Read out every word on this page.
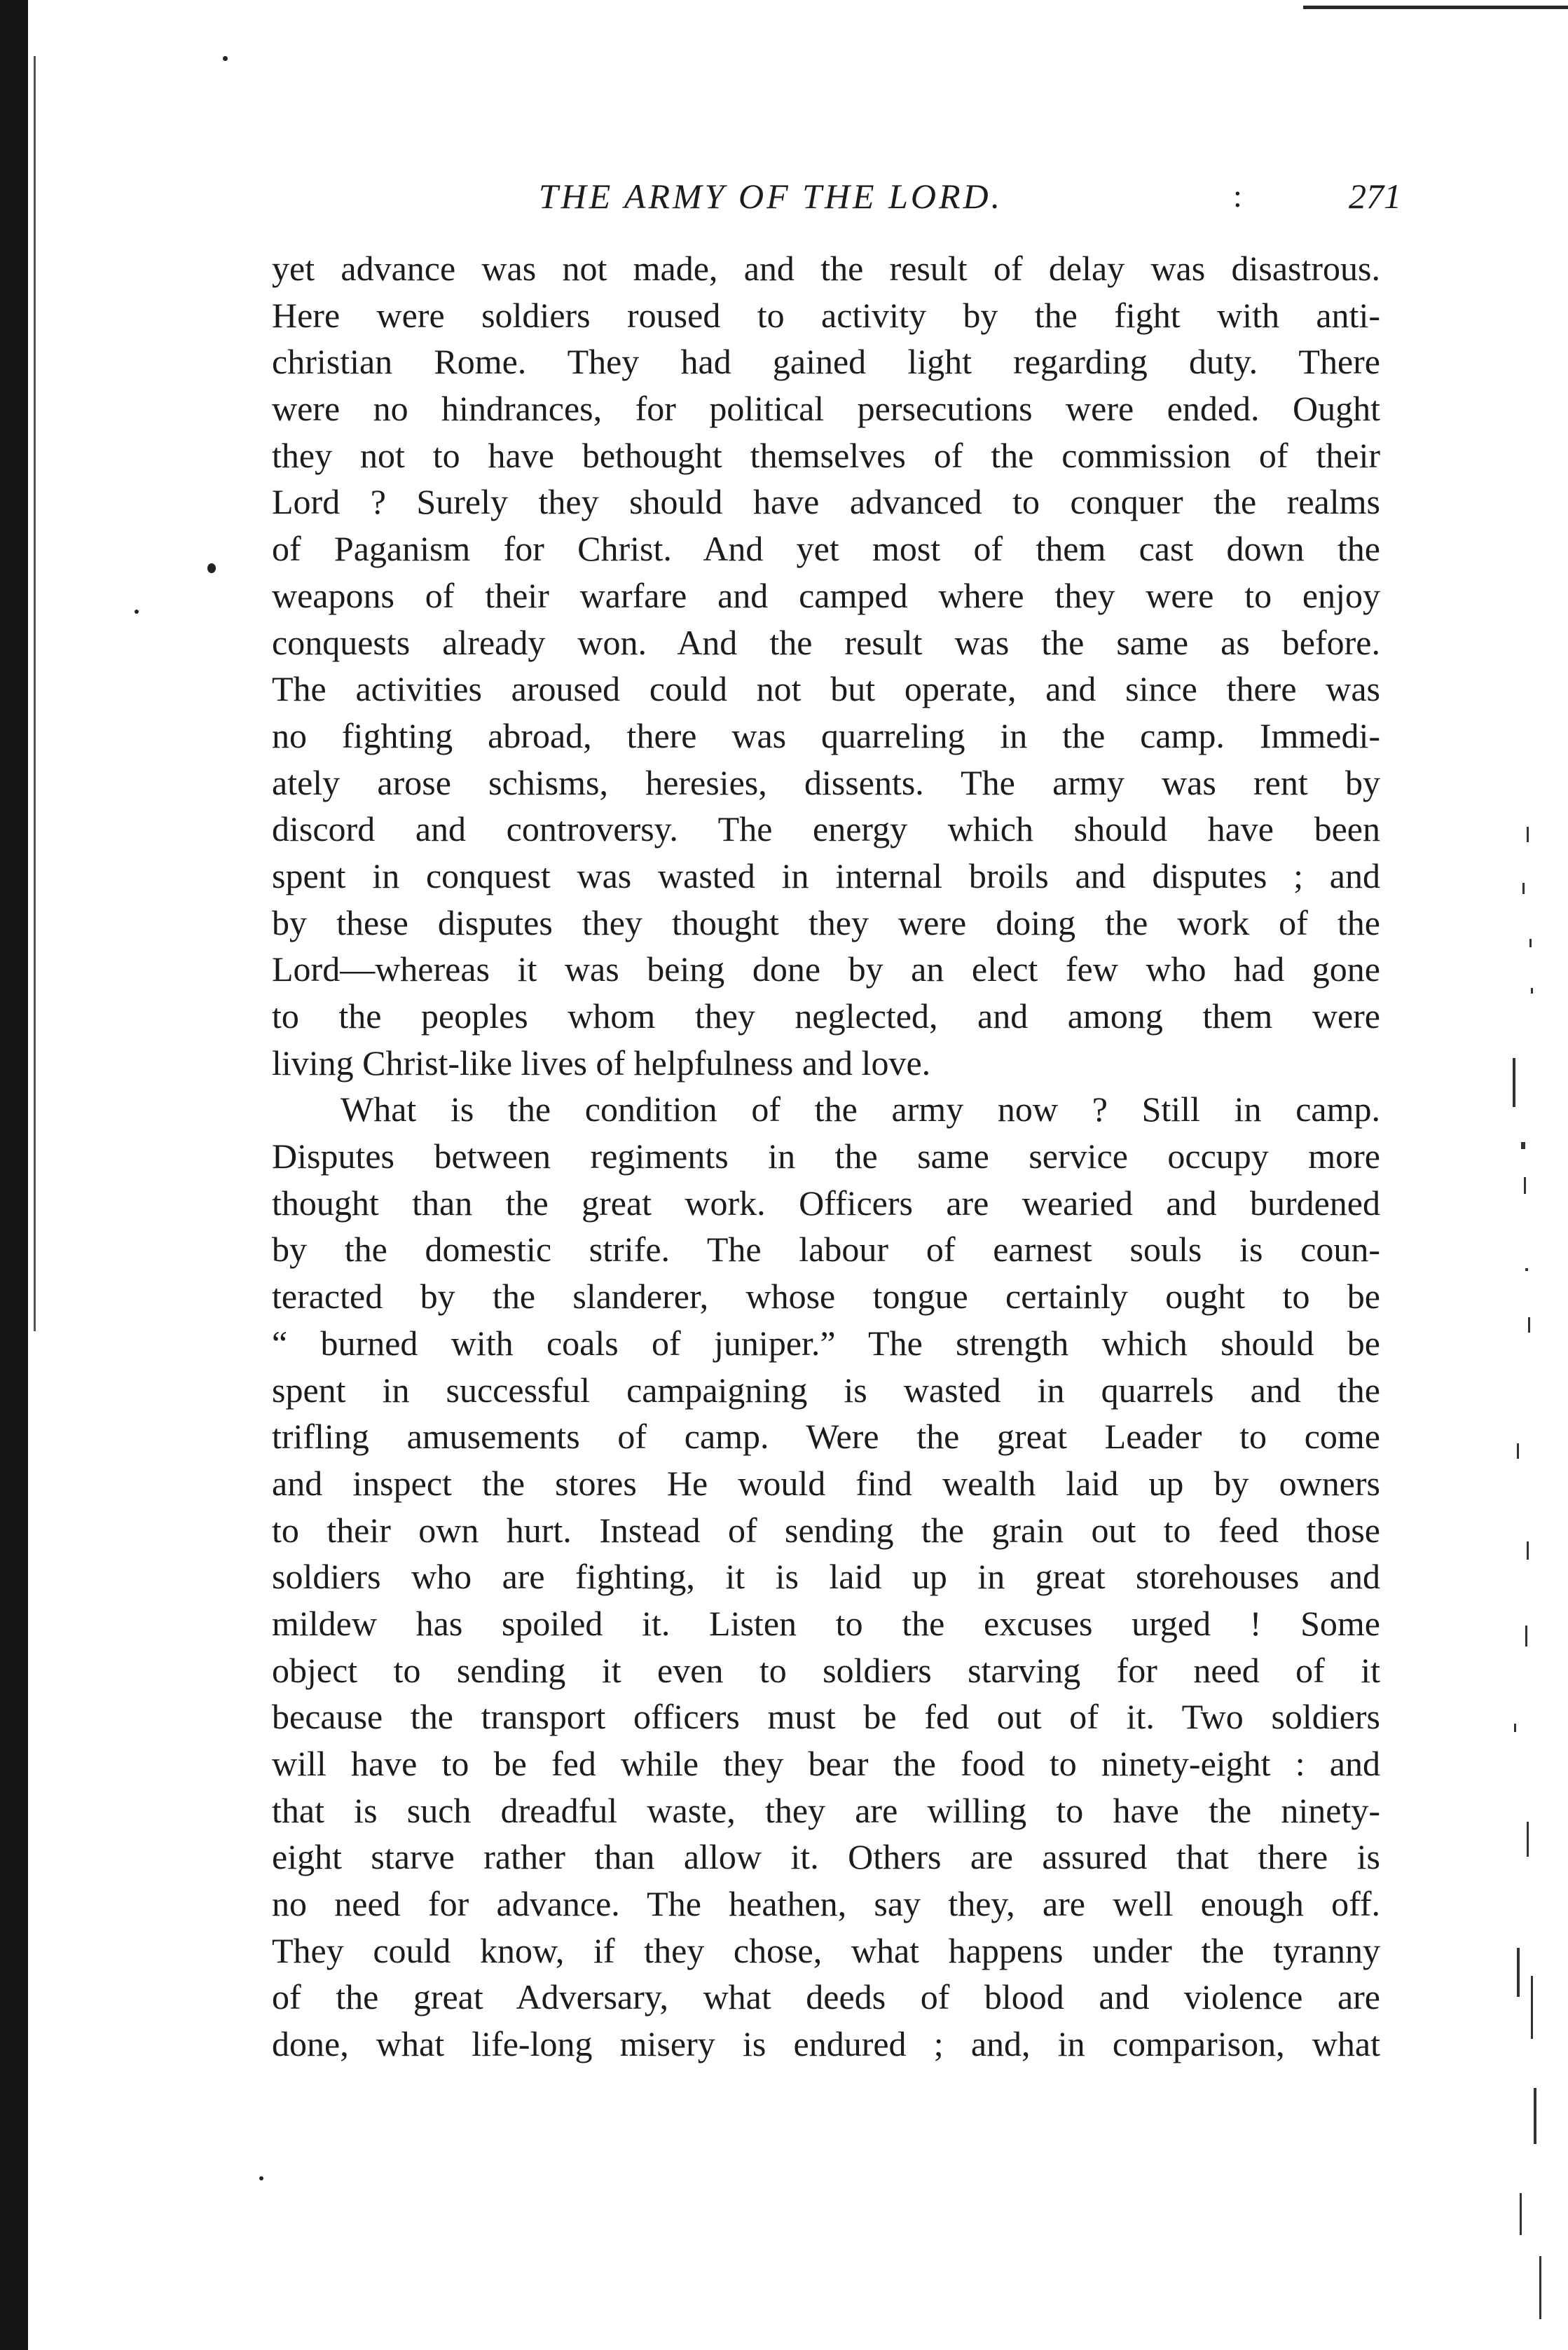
THE ARMY OF THE LORD.	:	271

yet advance was not made, and the result of delay was disastrous.
Here were soldiers roused to activity by the fight with anti-
christian Rome. They had gained light regarding duty. There
were no hindrances, for political persecutions were ended. Ought
they not to have bethought themselves of the commission of their
Lord ? Surely they should have advanced to conquer the realms
of Paganism for Christ. And yet most of them cast down the
weapons of their warfare and camped where they were to enjoy
conquests already won. And the result was the same as before.
The activities aroused could not but operate, and since there was
no fighting abroad, there was quarreling in the camp. Immedi-
ately arose schisms, heresies, dissents. The army was rent by
discord and controversy. The energy which should have been
spent in conquest was wasted in internal broils and disputes ; and
by these disputes they thought they were doing the work of the
Lord—whereas it was being done by an elect few who had gone
to the peoples whom they neglected, and among them were
living Christ-like lives of helpfulness and love.

What is the condition of the army now ? Still in camp.
Disputes between regiments in the same service occupy more
thought than the great work. Officers are wearied and burdened
by the domestic strife. The labour of earnest souls is coun-
teracted by the slanderer, whose tongue certainly ought to be
“ burned with coals of juniper.” The strength which should be
spent in successful campaigning is wasted in quarrels and the
trifling amusements of camp. Were the great Leader to come
and inspect the stores He would find wealth laid up by owners
to their own hurt. Instead of sending the grain out to feed those
soldiers who are fighting, it is laid up in great storehouses and
mildew has spoiled it. Listen to the excuses urged ! Some
object to sending it even to soldiers starving for need of it
because the transport officers must be fed out of it. Two soldiers
will have to be fed while they bear the food to ninety-eight : and
that is such dreadful waste, they are willing to have the ninety-
eight starve rather than allow it. Others are assured that there is
no need for advance. The heathen, say they, are well enough off.
They could know, if they chose, what happens under the tyranny
of the great Adversary, what deeds of blood and violence are
done, what life-long misery is endured ; and, in comparison, what
